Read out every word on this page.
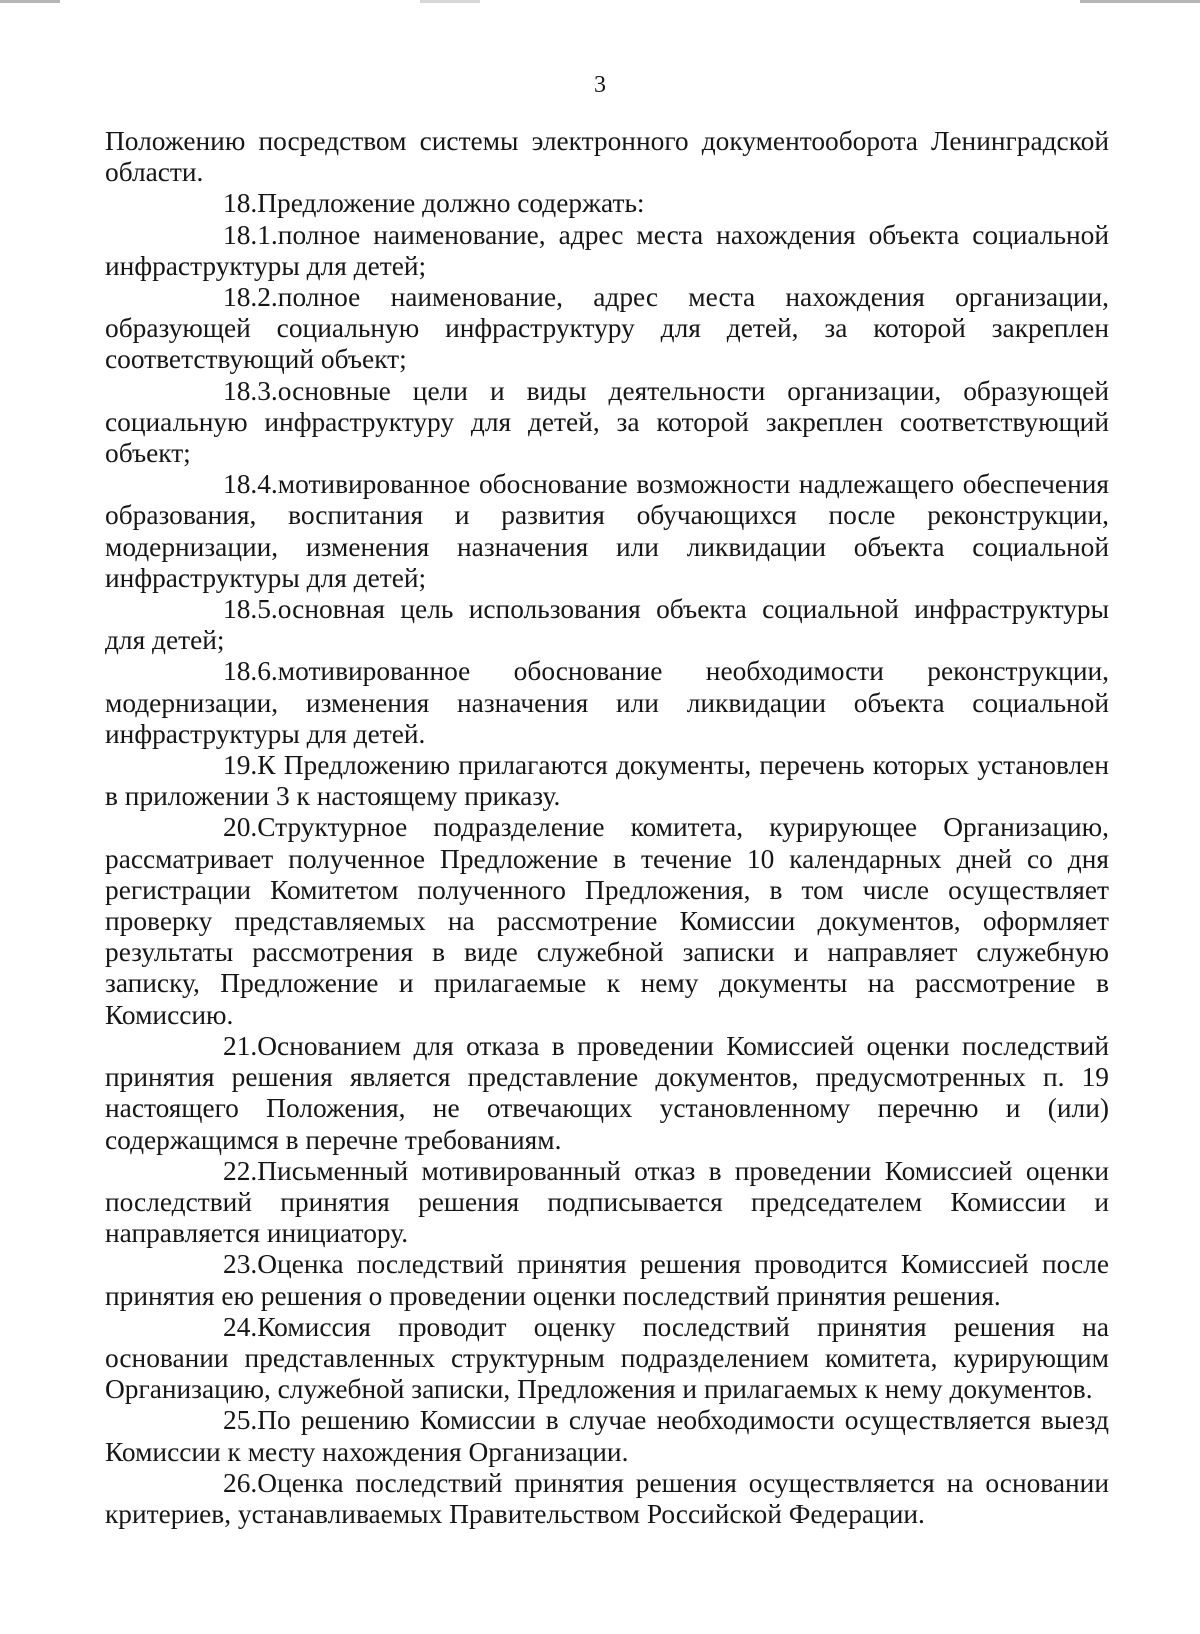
3

Положению посредством системы электронного документооборота Ленинградской области.

18.Предложение должно содержать:

18.1.полное наименование, адрес места нахождения объекта социальной инфраструктуры для детей;

18.2.полное наименование, адрес места нахождения организации, образующей социальную инфраструктуру для детей, за которой закреплен соответствующий объект;

18.3.основные цели и виды деятельности организации, образующей социальную инфраструктуру для детей, за которой закреплен соответствующий объект;

18.4.мотивированное обоснование возможности надлежащего обеспечения образования, воспитания и развития обучающихся после реконструкции, модернизации, изменения назначения или ликвидации объекта социальной инфраструктуры для детей;

18.5.основная цель использования объекта социальной инфраструктуры для детей;

18.6.мотивированное обоснование необходимости реконструкции, модернизации, изменения назначения или ликвидации объекта социальной инфраструктуры для детей.

19.К Предложению прилагаются документы, перечень которых установлен в приложении 3 к настоящему приказу.

20.Структурное подразделение комитета, курирующее Организацию, рассматривает полученное Предложение в течение 10 календарных дней со дня регистрации Комитетом полученного Предложения, в том числе осуществляет проверку представляемых на рассмотрение Комиссии документов, оформляет результаты рассмотрения в виде служебной записки и направляет служебную записку, Предложение и прилагаемые к нему документы на рассмотрение в Комиссию.

21.Основанием для отказа в проведении Комиссией оценки последствий принятия решения является представление документов, предусмотренных п. 19 настоящего Положения, не отвечающих установленному перечню и (или) содержащимся в перечне требованиям.

22.Письменный мотивированный отказ в проведении Комиссией оценки последствий принятия решения подписывается председателем Комиссии и направляется инициатору.

23.Оценка последствий принятия решения проводится Комиссией после принятия ею решения о проведении оценки последствий принятия решения.

24.Комиссия проводит оценку последствий принятия решения на основании представленных структурным подразделением комитета, курирующим Организацию, служебной записки, Предложения и прилагаемых к нему документов.

25.По решению Комиссии в случае необходимости осуществляется выезд Комиссии к месту нахождения Организации.

26.Оценка последствий принятия решения осуществляется на основании критериев, устанавливаемых Правительством Российской Федерации.
